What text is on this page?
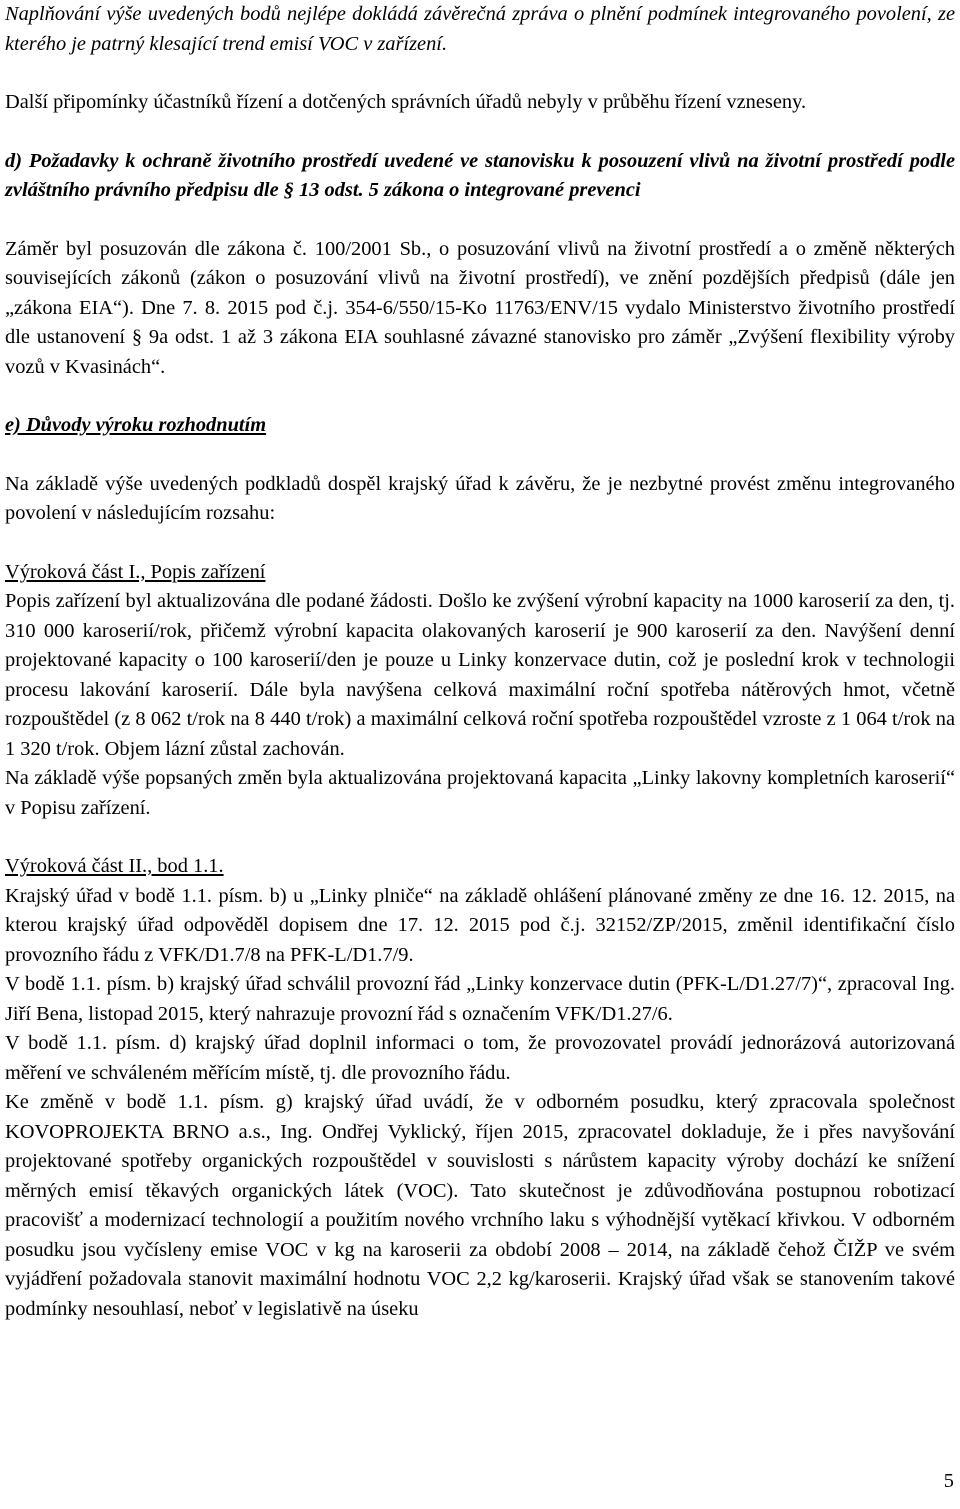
Naplňování výše uvedených bodů nejlépe dokládá závěrečná zpráva o plnění podmínek integrovaného povolení, ze kterého je patrný klesající trend emisí VOC v zařízení.

Další připomínky účastníků řízení a dotčených správních úřadů nebyly v průběhu řízení vzneseny.

d) Požadavky k ochraně životního prostředí uvedené ve stanovisku k posouzení vlivů na životní prostředí podle zvláštního právního předpisu dle § 13 odst. 5 zákona o integrované prevenci

Záměr byl posuzován dle zákona č. 100/2001 Sb., o posuzování vlivů na životní prostředí a o změně některých souvisejících zákonů (zákon o posuzování vlivů na životní prostředí), ve znění pozdějších předpisů (dále jen „zákona EIA“). Dne 7. 8. 2015 pod č.j. 354-6/550/15-Ko 11763/ENV/15 vydalo Ministerstvo životního prostředí dle ustanovení § 9a odst. 1 až 3 zákona EIA souhlasné závazné stanovisko pro záměr „Zvýšení flexibility výroby vozů v Kvasinách“.

e) Důvody výroku rozhodnutím

Na základě výše uvedených podkladů dospěl krajský úřad k závěru, že je nezbytné provést změnu integrovaného povolení v následujícím rozsahu:

Výroková část I., Popis zařízení

Popis zařízení byl aktualizována dle podané žádosti. Došlo ke zvýšení výrobní kapacity na 1000 karoserií za den, tj. 310 000 karoserií/rok, přičemž výrobní kapacita olakovaných karoserií je 900 karoserií za den. Navýšení denní projektované kapacity o 100 karoserií/den je pouze u Linky konzervace dutin, což je poslední krok v technologii procesu lakování karoserií. Dále byla navýšena celková maximální roční spotřeba nátěrových hmot, včetně rozpouštědel (z 8 062 t/rok na 8 440 t/rok) a maximální celková roční spotřeba rozpouštědel vzroste z 1 064 t/rok na 1 320 t/rok. Objem lázní zůstal zachován.

Na základě výše popsaných změn byla aktualizována projektovaná kapacita „Linky lakovny kompletních karoserií“ v Popisu zařízení.

Výroková část II., bod 1.1.

Krajský úřad v bodě 1.1. písm. b) u „Linky plniče“ na základě ohlášení plánované změny ze dne 16. 12. 2015, na kterou krajský úřad odpověděl dopisem dne 17. 12. 2015 pod č.j. 32152/ZP/2015, změnil identifikační číslo provozního řádu z VFK/D1.7/8 na PFK-L/D1.7/9.

V bodě 1.1. písm. b) krajský úřad schválil provozní řád „Linky konzervace dutin (PFK-L/D1.27/7)“, zpracoval Ing. Jiří Bena, listopad 2015, který nahrazuje provozní řád s označením VFK/D1.27/6.

V bodě 1.1. písm. d) krajský úřad doplnil informaci o tom, že provozovatel provádí jednorázová autorizovaná měření ve schváleném měřícím místě, tj. dle provozního řádu.

Ke změně v bodě 1.1. písm. g) krajský úřad uvádí, že v odborném posudku, který zpracovala společnost KOVOPROJEKTA BRNO a.s., Ing. Ondřej Vyklický, říjen 2015, zpracovatel dokladuje, že i přes navyšování projektované spotřeby organických rozpouštědel v souvislosti s nárůstem kapacity výroby dochází ke snížení měrných emisí těkavých organických látek (VOC). Tato skutečnost je zdůvodňována postupnou robotizací pracovišť a modernizací technologií a použitím nového vrchního laku s výhodnější vytěkací křivkou. V odborném posudku jsou vyčísleny emise VOC v kg na karoserii za období 2008 – 2014, na základě čehož ČIŽP ve svém vyjádření požadovala stanovit maximální hodnotu VOC 2,2 kg/karoserii. Krajský úřad však se stanovením takové podmínky nesouhlasí, neboť v legislativě na úseku

5
